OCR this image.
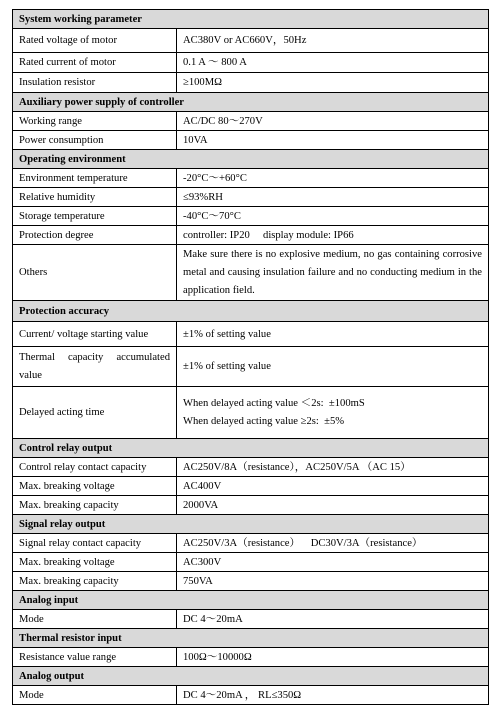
System working parameter	
Rated voltage of motor	AC380V or AC660V，50Hz
Rated current of motor	0.1 A ～ 800 A
Insulation resistor	≥100MΩ
Auxiliary power supply of controller	
Working range	AC/DC 80～270V
Power consumption	10VA
Operating environment	
Environment temperature	-20°C～+60°C
Relative humidity	≤93%RH
Storage temperature	-40°C～70°C
Protection degree	controller: IP20     display module: IP66
Others	Make sure there is no explosive medium, no gas containing corrosive metal and causing insulation failure and no conducting medium in the application field.
Protection accuracy	
Current/ voltage starting value	±1% of setting value
Thermal capacity accumulated value	±1% of setting value
Delayed acting time	When delayed acting value ＜2s:  ±100mS
When delayed acting value ≥2s:  ±5%

Control relay output	
Control relay contact capacity	AC250V/8A（resistance），AC250V/5A （AC 15）
Max. breaking voltage	AC400V
Max. breaking capacity	2000VA
Signal relay output	
Signal relay contact capacity	AC250V/3A（resistance）    DC30V/3A（resistance）
Max. breaking voltage	AC300V
Max. breaking capacity	750VA
Analog input	
Mode	DC 4～20mA
Thermal resistor input	
Resistance value range	100Ω～10000Ω
Analog output	
Mode	DC 4～20mA ， RL≤350Ω
